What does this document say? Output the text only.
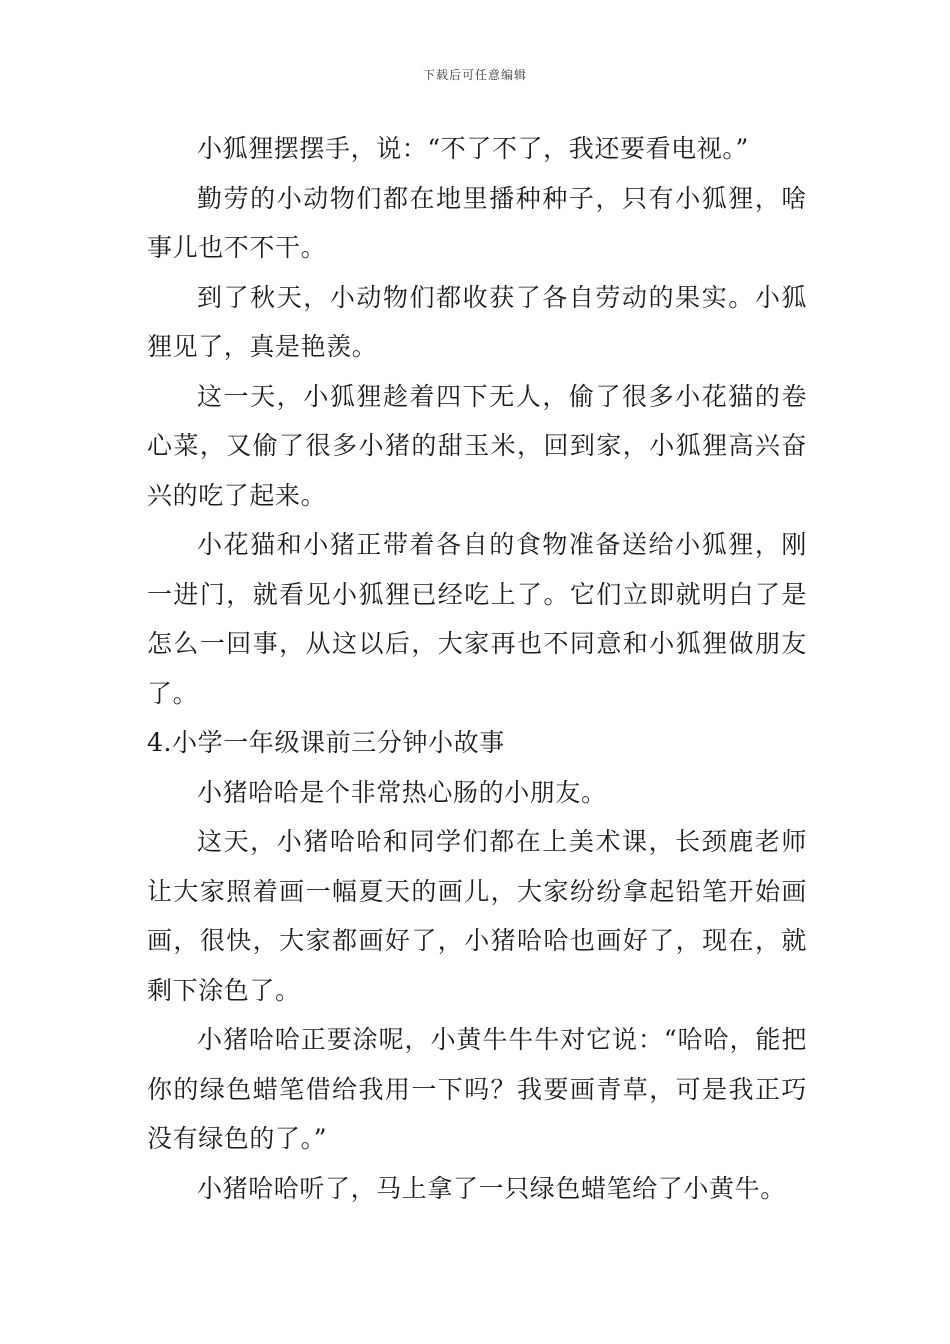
下载后可任意编辑

小狐狸摆摆手，说：“不了不了，我还要看电视。”

勤劳的小动物们都在地里播种种子，只有小狐狸，啥事儿也不不干。

到了秋天，小动物们都收获了各自劳动的果实。小狐狸见了，真是艳羡。

这一天，小狐狸趁着四下无人，偷了很多小花猫的卷心菜，又偷了很多小猪的甜玉米，回到家，小狐狸高兴奋兴的吃了起来。

小花猫和小猪正带着各自的食物准备送给小狐狸，刚一进门，就看见小狐狸已经吃上了。它们立即就明白了是怎么一回事，从这以后，大家再也不同意和小狐狸做朋友了。

4.小学一年级课前三分钟小故事

小猪哈哈是个非常热心肠的小朋友。

这天，小猪哈哈和同学们都在上美术课，长颈鹿老师让大家照着画一幅夏天的画儿，大家纷纷拿起铅笔开始画画，很快，大家都画好了，小猪哈哈也画好了，现在，就剩下涂色了。

小猪哈哈正要涂呢，小黄牛牛牛对它说：“哈哈，能把你的绿色蜡笔借给我用一下吗？我要画青草，可是我正巧没有绿色的了。”

小猪哈哈听了，马上拿了一只绿色蜡笔给了小黄牛。
